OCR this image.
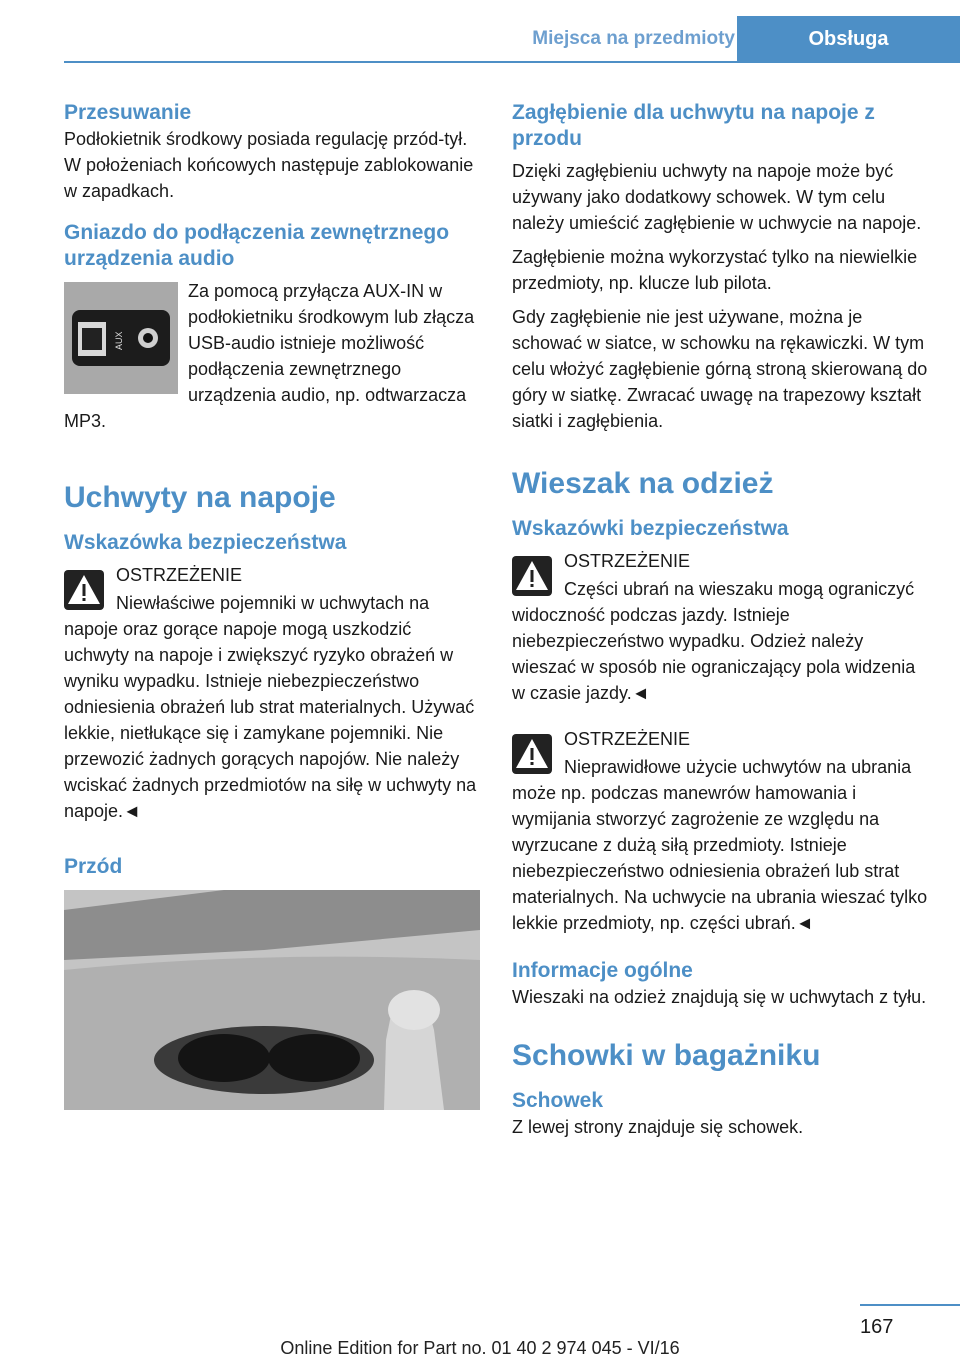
Miejsca na przedmioty	Obsługa
Przesuwanie

Podłokietnik środkowy posiada regulację przód-tył. W położeniach końcowych następuje zablokowanie w zapadkach.

Gniazdo do podłączenia zewnętrznego urządzenia audio
AUX

Za pomocą przyłącza AUX-IN w podłokietniku środkowym lub złącza USB-audio istnieje możliwość podłączenia zewnętrznego urządzenia audio, np. odtwarzacza MP3.

Uchwyty na napoje
Wskazówka bezpieczeństwa

OSTRZEŻENIE

Niewłaściwe pojemniki w uchwytach na napoje oraz gorące napoje mogą uszkodzić uchwyty na napoje i zwiększyć ryzyko obrażeń w wyniku wypadku. Istnieje niebezpieczeństwo odniesienia obrażeń lub strat materialnych. Używać lekkie, nietłukące się i zamykane pojemniki. Nie przewozić żadnych gorących napojów. Nie należy wciskać żadnych przedmiotów na siłę w uchwyty na napoje.◄

Przód
Zagłębienie dla uchwytu na napoje z przodu

Dzięki zagłębieniu uchwyty na napoje może być używany jako dodatkowy schowek. W tym celu należy umieścić zagłębienie w uchwycie na napoje.

Zagłębienie można wykorzystać tylko na niewielkie przedmioty, np. klucze lub pilota.

Gdy zagłębienie nie jest używane, można je schować w siatce, w schowku na rękawiczki. W tym celu włożyć zagłębienie górną stroną skierowaną do góry w siatkę. Zwracać uwagę na trapezowy kształt siatki i zagłębienia.

Wieszak na odzież
Wskazówki bezpieczeństwa

OSTRZEŻENIE

Części ubrań na wieszaku mogą ograniczyć widoczność podczas jazdy. Istnieje niebezpieczeństwo wypadku. Odzież należy wieszać w sposób nie ograniczający pola widzenia w czasie jazdy.◄

OSTRZEŻENIE

Nieprawidłowe użycie uchwytów na ubrania może np. podczas manewrów hamowania i wymijania stworzyć zagrożenie ze względu na wyrzucane z dużą siłą przedmioty. Istnieje niebezpieczeństwo odniesienia obrażeń lub strat materialnych. Na uchwycie na ubrania wieszać tylko lekkie przedmioty, np. części ubrań.◄

Informacje ogólne

Wieszaki na odzież znajdują się w uchwytach z tyłu.

Schowki w bagażniku
Schowek

Z lewej strony znajduje się schowek.

167
Online Edition for Part no. 01 40 2 974 045 - VI/16
